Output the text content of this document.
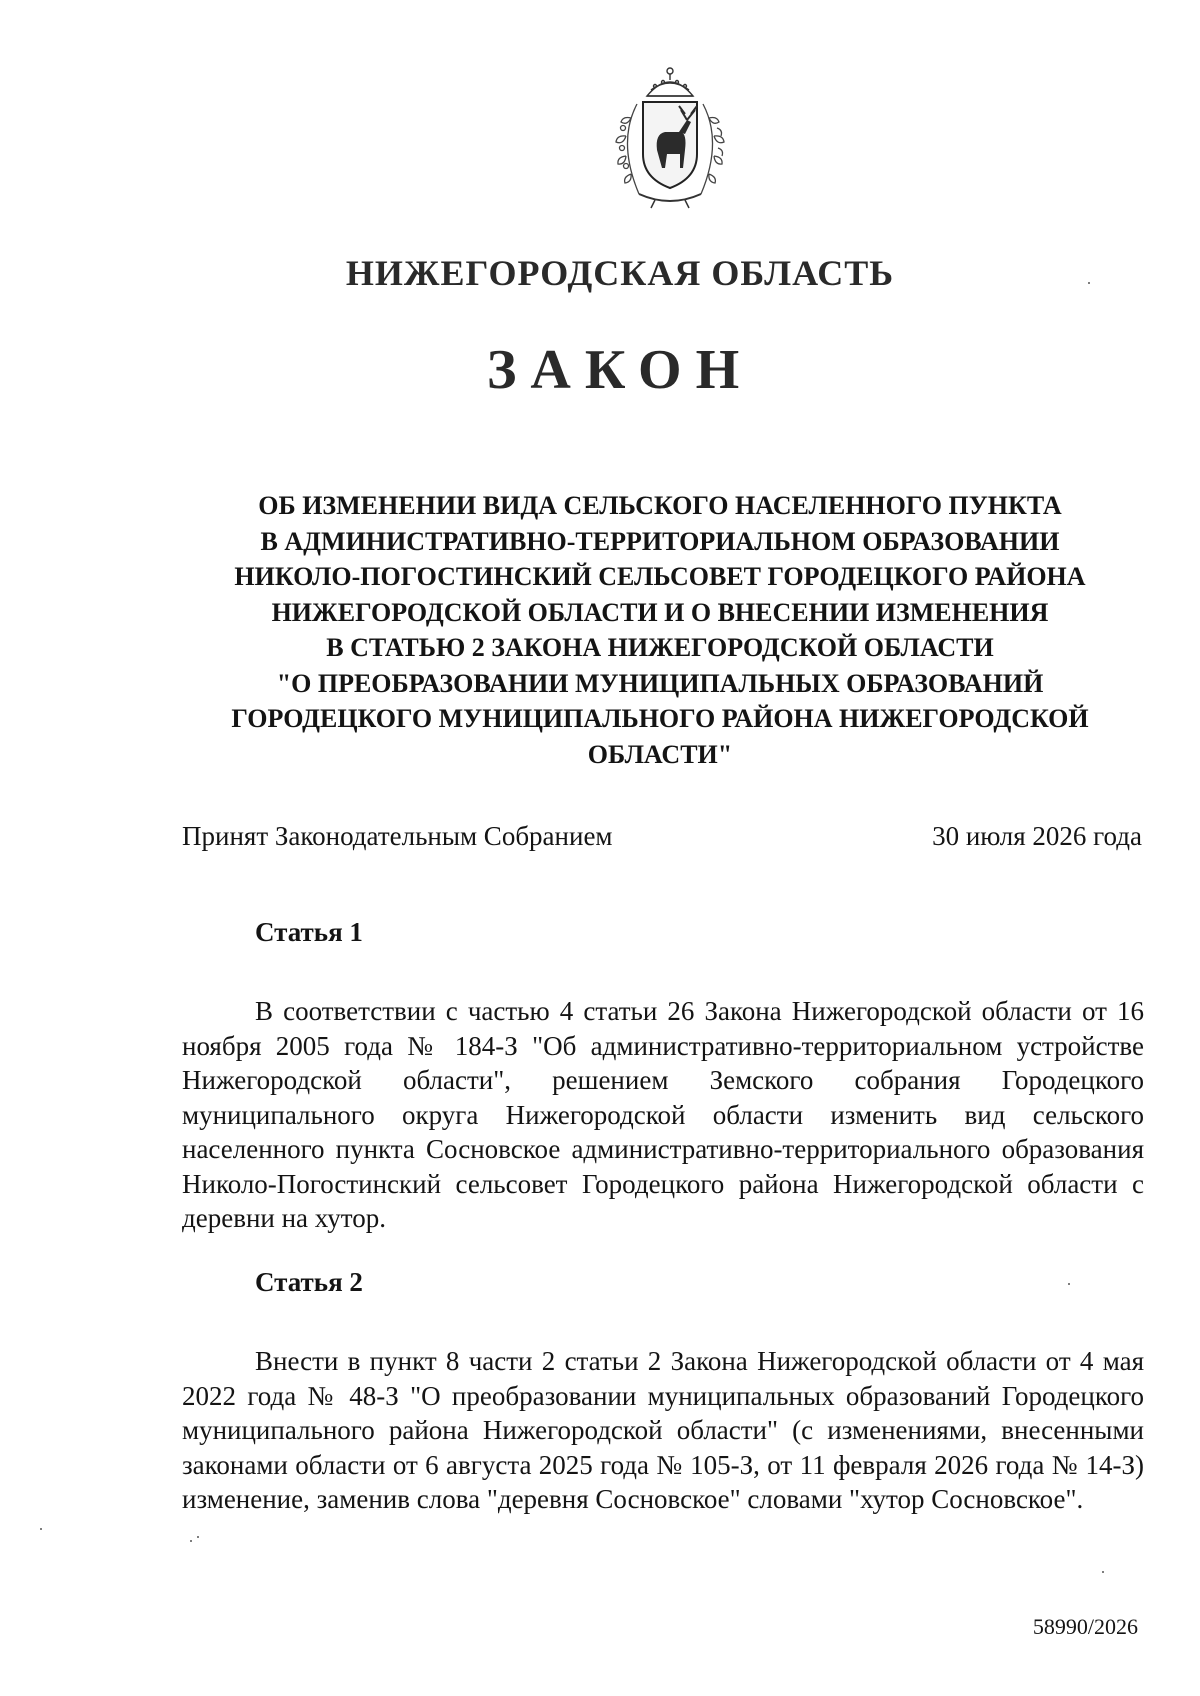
НИЖЕГОРОДСКАЯ ОБЛАСТЬ
ЗАКОН
ОБ ИЗМЕНЕНИИ ВИДА СЕЛЬСКОГО НАСЕЛЕННОГО ПУНКТА
В АДМИНИСТРАТИВНО-ТЕРРИТОРИАЛЬНОМ ОБРАЗОВАНИИ
НИКОЛО-ПОГОСТИНСКИЙ СЕЛЬСОВЕТ ГОРОДЕЦКОГО РАЙОНА
НИЖЕГОРОДСКОЙ ОБЛАСТИ И О ВНЕСЕНИИ ИЗМЕНЕНИЯ
В СТАТЬЮ 2 ЗАКОНА НИЖЕГОРОДСКОЙ ОБЛАСТИ
"О ПРЕОБРАЗОВАНИИ МУНИЦИПАЛЬНЫХ ОБРАЗОВАНИЙ
ГОРОДЕЦКОГО МУНИЦИПАЛЬНОГО РАЙОНА НИЖЕГОРОДСКОЙ
ОБЛАСТИ"
Принят Законодательным Собранием	30 июля 2026 года
Статья 1
В соответствии с частью 4 статьи 26 Закона Нижегородской области от 16 ноября 2005 года № 184-З "Об административно-территориальном устройстве Нижегородской области", решением Земского собрания Городецкого муниципального округа Нижегородской области изменить вид сельского населенного пункта Сосновское административно-территориального образования Николо-Погостинский сельсовет Городецкого района Нижегородской области с деревни на хутор.
Статья 2
Внести в пункт 8 части 2 статьи 2 Закона Нижегородской области от 4 мая 2022 года № 48-З "О преобразовании муниципальных образований Городецкого муниципального района Нижегородской области" (с изменениями, внесенными законами области от 6 августа 2025 года № 105-З, от 11 февраля 2026 года № 14-З) изменение, заменив слова "деревня Сосновское" словами "хутор Сосновское".
58990/2026
